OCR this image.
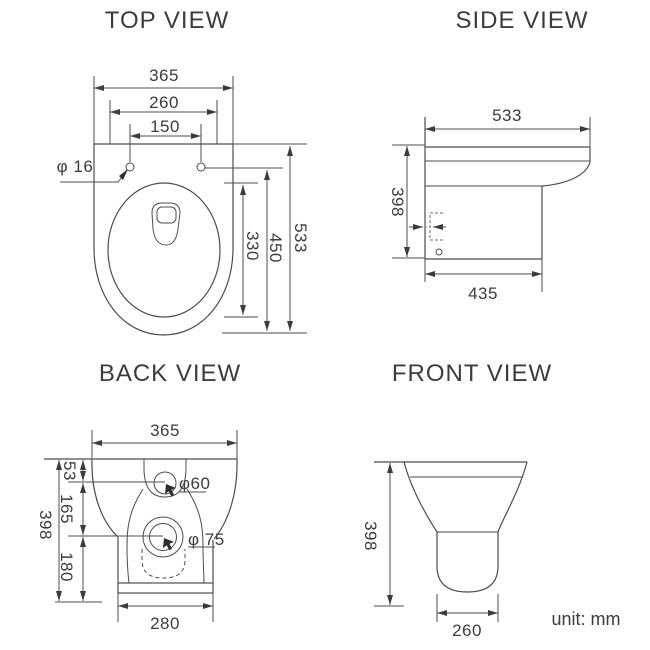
TOP VIEW
365
260
150
φ 16
330 450 533
SIDE VIEW
533
398
435
BACK VIEW
φ60
φ 75
365
53
165
180
398
280
FRONT VIEW
398
260
unit: mm
